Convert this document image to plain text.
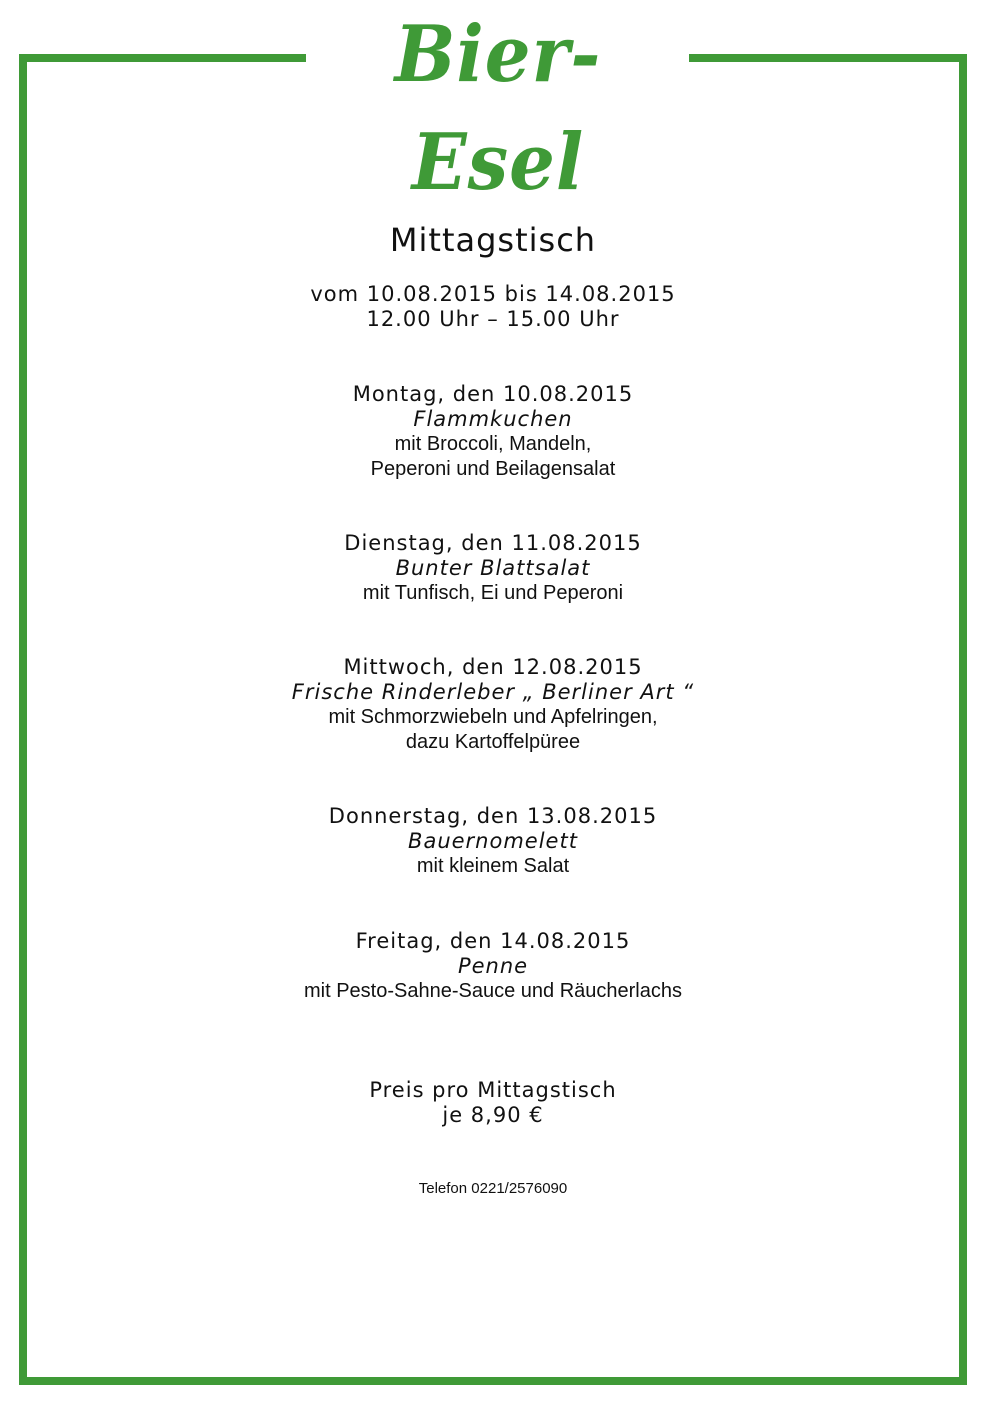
Bier-Esel
Mittagstisch
vom 10.08.2015 bis 14.08.2015
12.00 Uhr – 15.00 Uhr
Montag, den 10.08.2015
Flammkuchen
mit Broccoli, Mandeln,
Peperoni und Beilagensalat
Dienstag, den 11.08.2015
Bunter Blattsalat
mit Tunfisch, Ei und Peperoni
Mittwoch, den 12.08.2015
Frische Rinderleber „ Berliner Art “
mit Schmorzwiebeln und Apfelringen,
dazu Kartoffelpüree
Donnerstag, den 13.08.2015
Bauernomelett
mit kleinem Salat
Freitag, den 14.08.2015
Penne
mit Pesto-Sahne-Sauce und Räucherlachs
Preis pro Mittagstisch
je 8,90 €
Telefon 0221/2576090
